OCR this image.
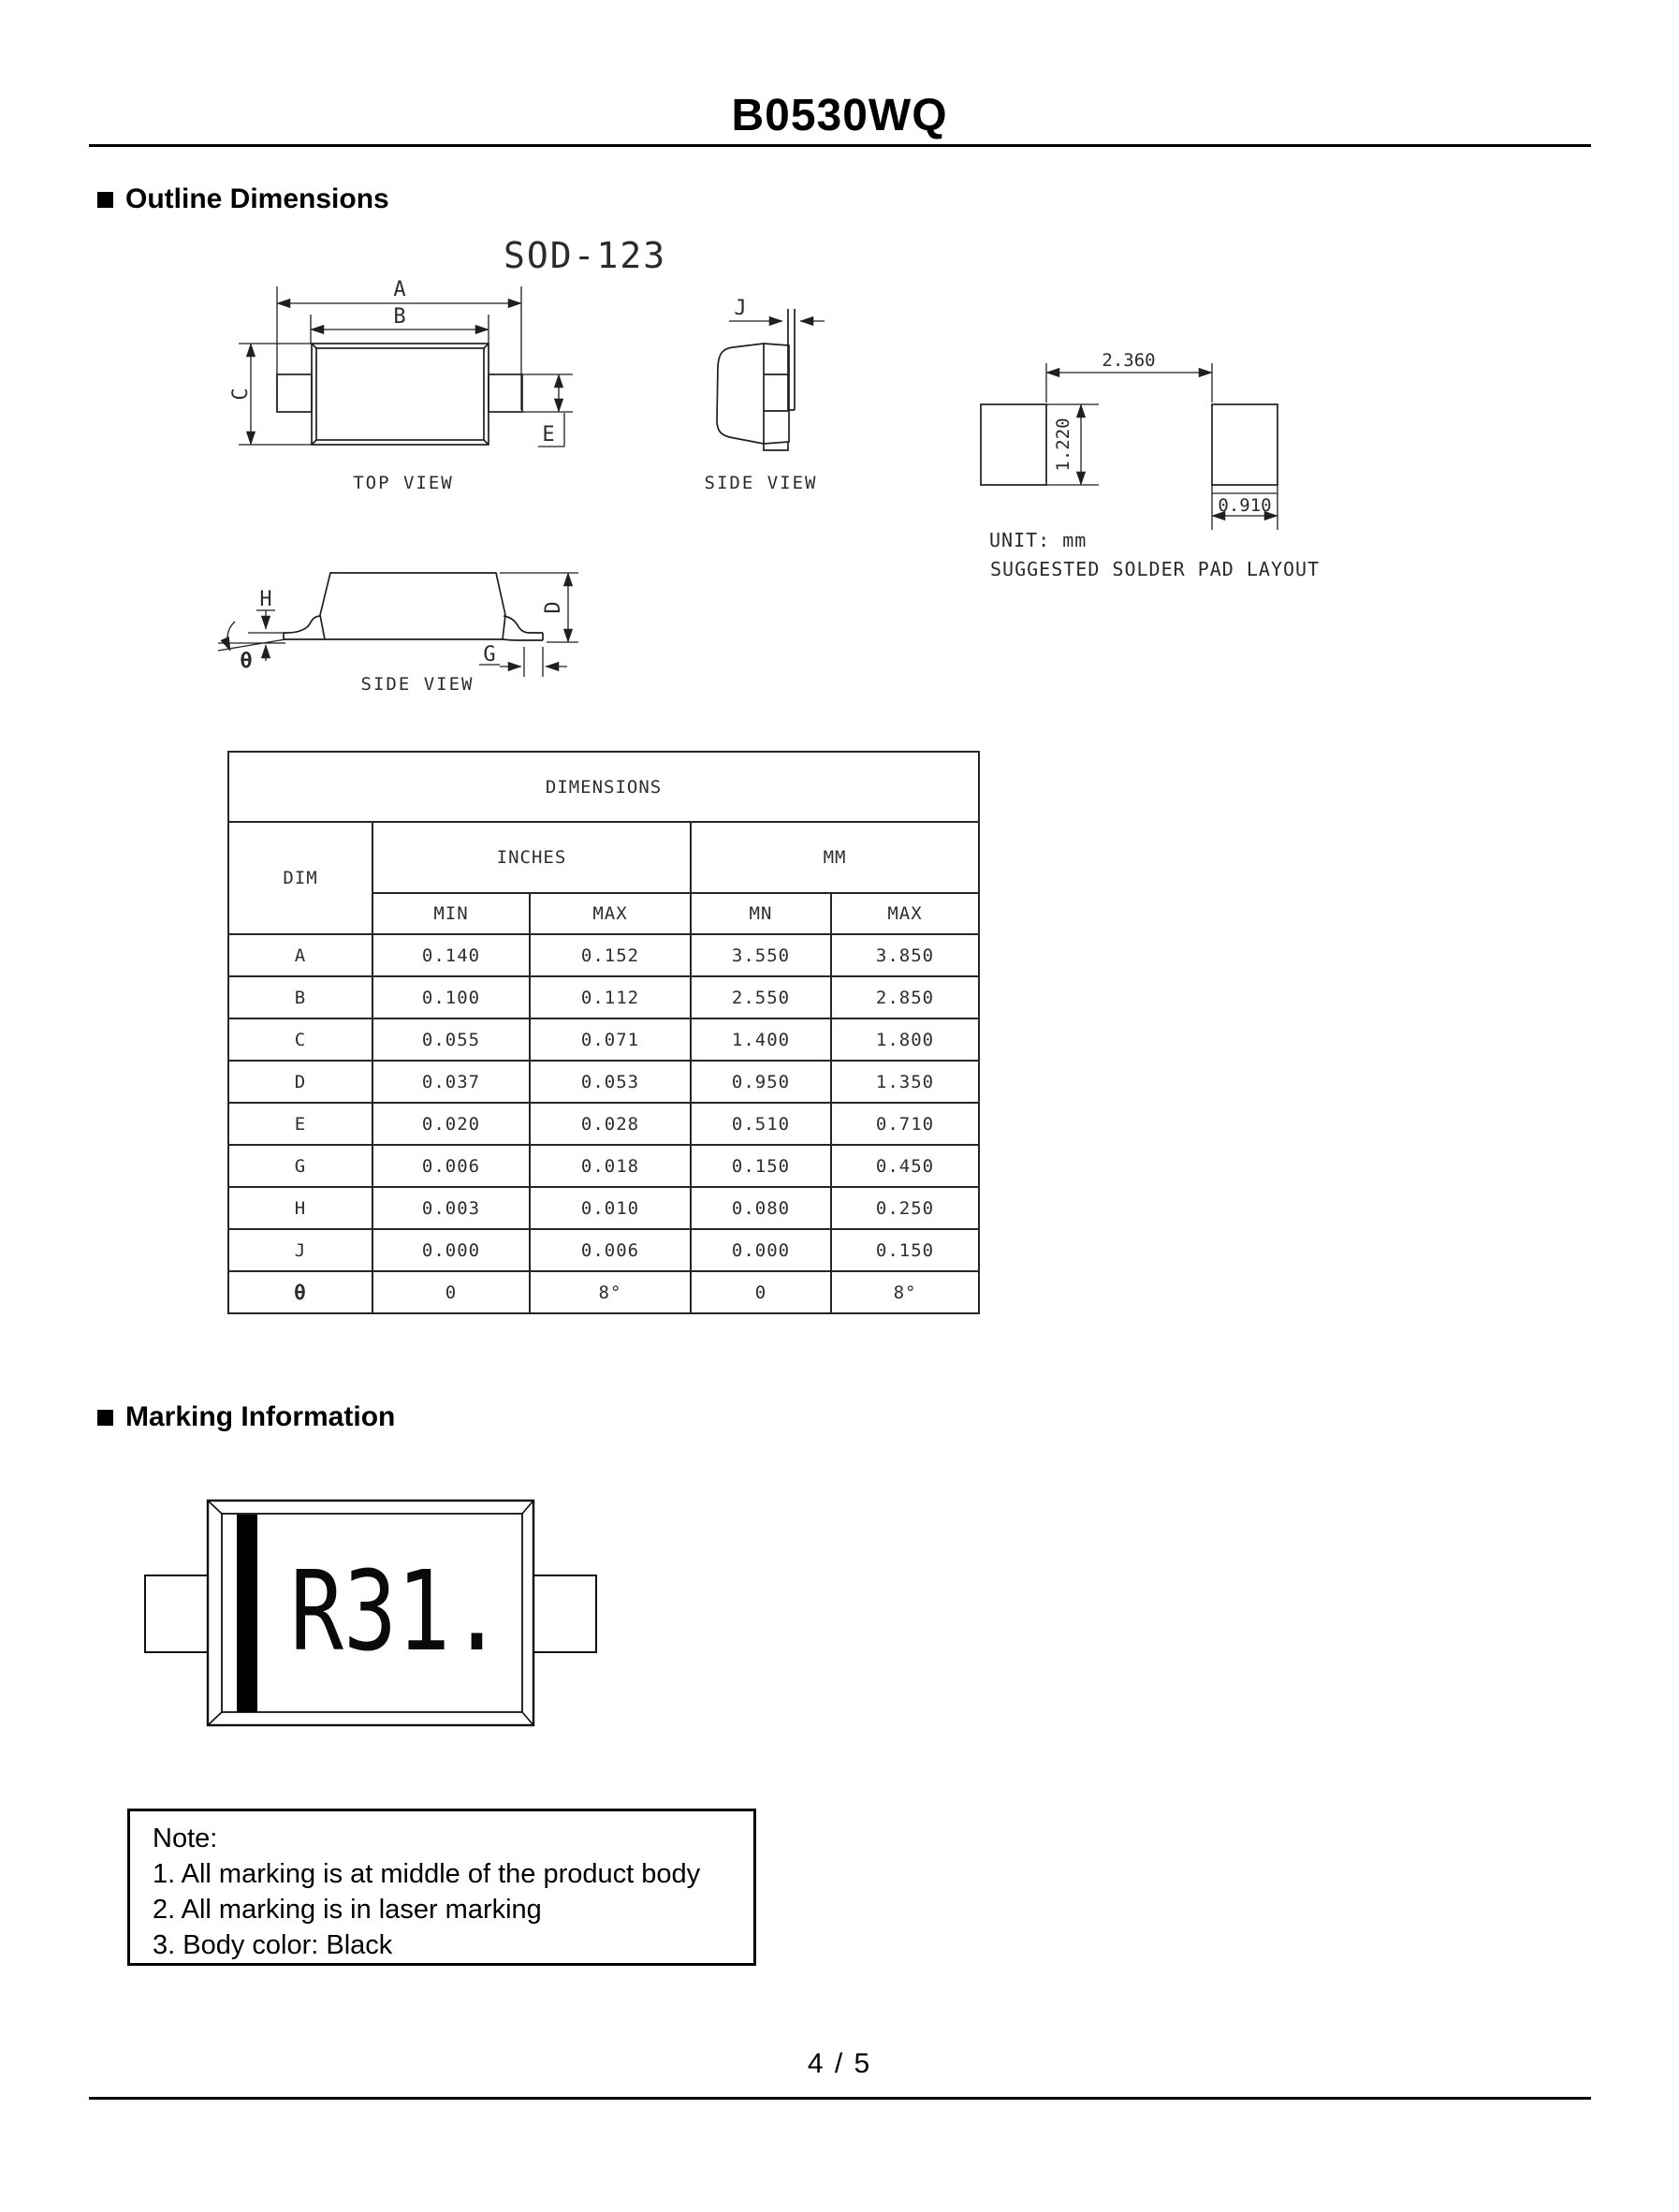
B0530WQ
Outline Dimensions
SOD-123
A
B
C
E
TOP VIEW
J
SIDE VIEW
2.360
1.220
0.910
UNIT: mm
SUGGESTED SOLDER PAD LAYOUT
D
H
θ	G
SIDE VIEW
R31.
DIMENSIONS				
DIM	INCHES		MM	
	MIN	MAX	MN	MAX
A	0.140	0.152	3.550	3.850
B	0.100	0.112	2.550	2.850
C	0.055	0.071	1.400	1.800
D	0.037	0.053	0.950	1.350
E	0.020	0.028	0.510	0.710
G	0.006	0.018	0.150	0.450
H	0.003	0.010	0.080	0.250
J	0.000	0.006	0.000	0.150
θ	0	8°	0	8°
Marking Information
Note:
1. All marking is at middle of the product body
2. All marking is in laser marking
3. Body color: Black
4 / 5
